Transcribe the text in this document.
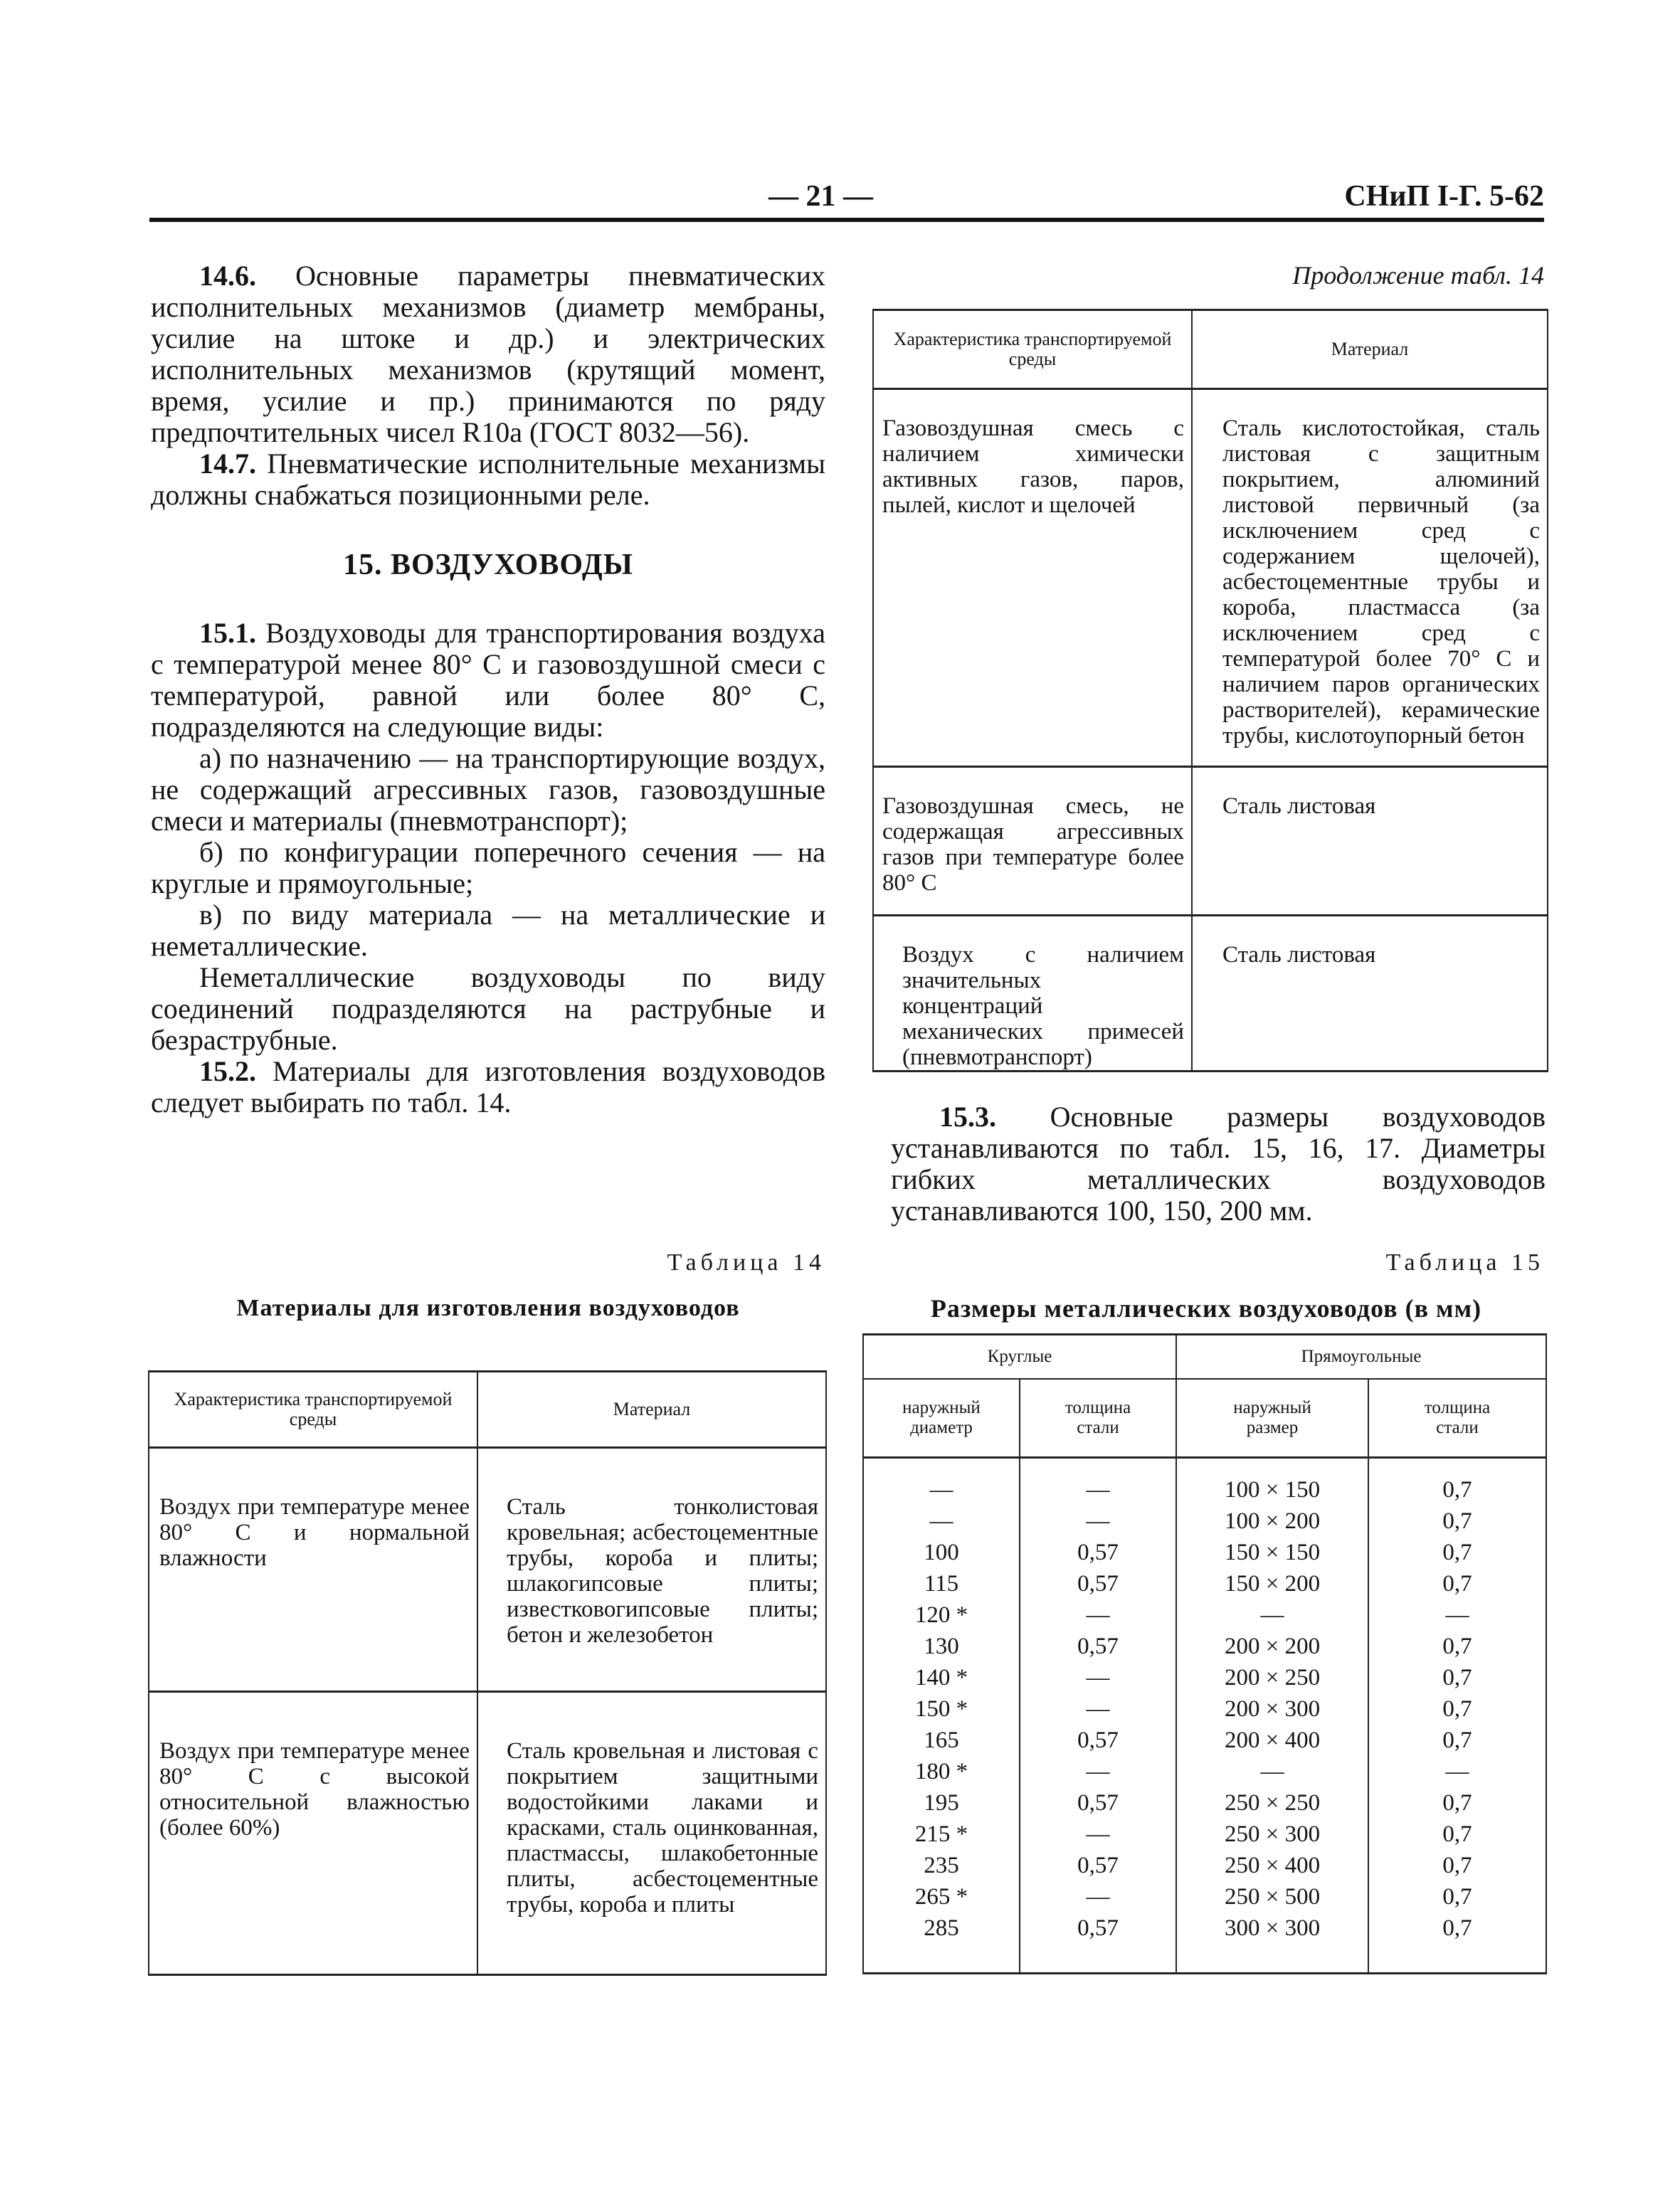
— 21 —	СНиП I-Г. 5-62

14.6. Основные параметры пневматических исполнительных механизмов (диаметр мембраны, усилие на штоке и др.) и электрических исполнительных механизмов (крутящий момент, время, усилие и пр.) принимаются по ряду предпочтительных чисел R10a (ГОСТ 8032—56).

14.7. Пневматические исполнительные механизмы должны снабжаться позиционными реле.

15. ВОЗДУХОВОДЫ

15.1. Воздуховоды для транспортирования воздуха с температурой менее 80° С и газовоздушной смеси с температурой, равной или более 80° С, подразделяются на следующие виды:

а) по назначению — на транспортирующие воздух, не содержащий агрессивных газов, газовоздушные смеси и материалы (пневмотранспорт);

б) по конфигурации поперечного сечения — на круглые и прямоугольные;

в) по виду материала — на металлические и неметаллические.

Неметаллические воздуховоды по виду соединений подразделяются на раструбные и безраструбные.

15.2. Материалы для изготовления воздуховодов следует выбирать по табл. 14.

Таблица 14
Материалы для изготовления воздуховодов
Характеристика транспортируемой среды	Материал

Воздух при температуре менее 80° С и нормальной влажности	Сталь тонколистовая кровельная; асбестоцементные трубы, короба и плиты; шлакогипсовые плиты; известковогипсовые плиты; бетон и железобетон

Воздух при температуре менее 80° С с высокой относительной влажностью (более 60%)	Сталь кровельная и листовая с покрытием защитными водостойкими лаками и красками, сталь оцинкованная, пластмассы, шлакобетонные плиты, асбестоцементные трубы, короба и плиты
Продолжение табл. 14
Характеристика транспортируемой среды	Материал

Газовоздушная смесь с наличием химически активных газов, паров, пылей, кислот и щелочей	Сталь кислотостойкая, сталь листовая с защитным покрытием, алюминий листовой первичный (за исключением сред с содержанием щелочей), асбестоцементные трубы и короба, пластмасса (за исключением сред с температурой более 70° С и наличием паров органических растворителей), керамические трубы, кислотоупорный бетон

Газовоздушная смесь, не содержащая агрессивных газов при температуре более 80° С	Сталь листовая

Воздух с наличием значительных концентраций механических примесей (пневмотранспорт)	Сталь листовая

15.3. Основные размеры воздуховодов устанавливаются по табл. 15, 16, 17. Диаметры гибких металлических воздуховодов устанавливаются 100, 150, 200 мм.

Таблица 15
Размеры металлических воздуховодов (в мм)
Круглые		Прямоугольные	
наружный диаметр	толщина стали	наружный размер	толщина стали
—	—	100 × 150	0,7
—	—	100 × 200	0,7
100	0,57	150 × 150	0,7
115	0,57	150 × 200	0,7
120 *	—	—	—
130	0,57	200 × 200	0,7
140 *	—	200 × 250	0,7
150 *	—	200 × 300	0,7
165	0,57	200 × 400	0,7
180 *	—	—	—
195	0,57	250 × 250	0,7
215 *	—	250 × 300	0,7
235	0,57	250 × 400	0,7
265 *	—	250 × 500	0,7
285	0,57	300 × 300	0,7
